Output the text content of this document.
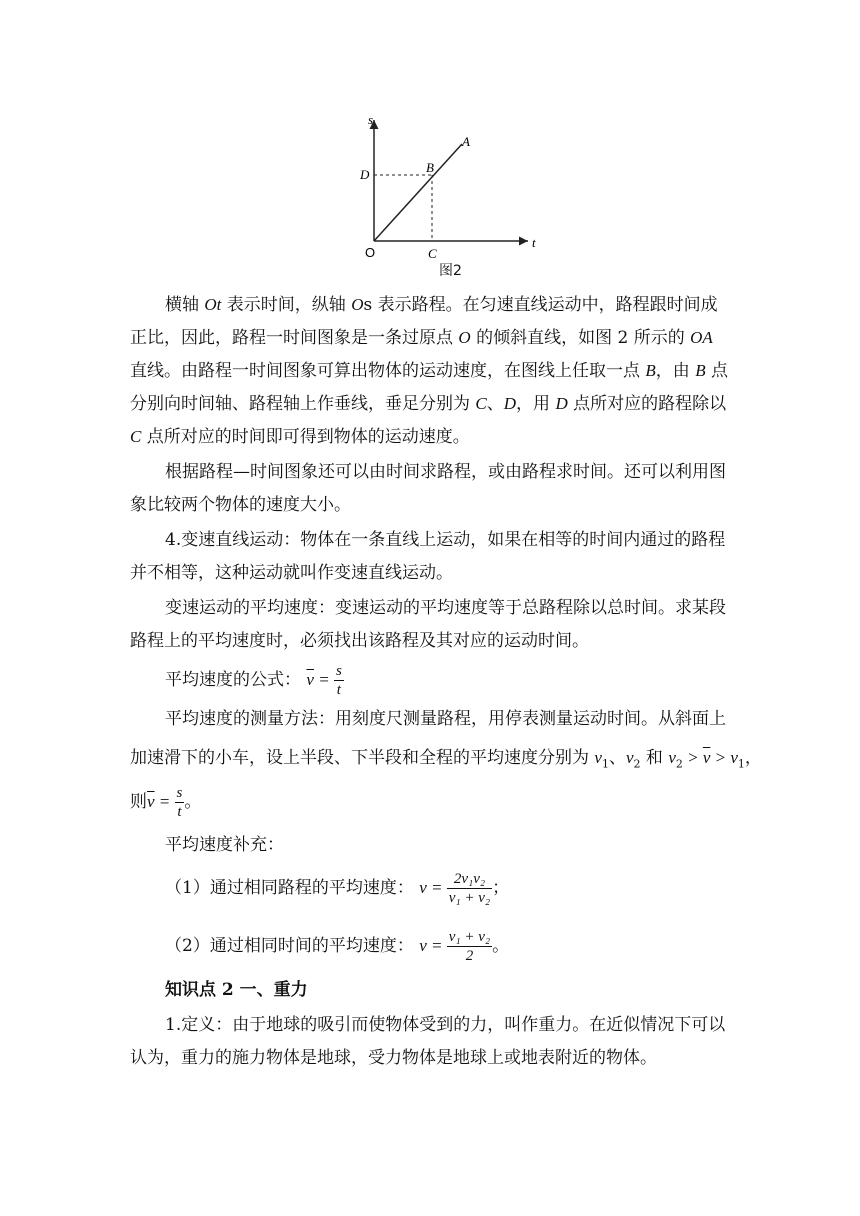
s
t
O
A
B
C
D
图2
横轴 Ot 表示时间，纵轴 Os 表示路程。在匀速直线运动中，路程跟时间成
正比，因此，路程一时间图象是一条过原点 O 的倾斜直线，如图 2 所示的 OA
直线。由路程一时间图象可算出物体的运动速度，在图线上任取一点 B，由 B 点
分别向时间轴、路程轴上作垂线，垂足分别为 C、D，用 D 点所对应的路程除以
C 点所对应的时间即可得到物体的运动速度。
根据路程—时间图象还可以由时间求路程，或由路程求时间。还可以利用图
象比较两个物体的速度大小。
4.变速直线运动：物体在一条直线上运动，如果在相等的时间内通过的路程
并不相等，这种运动就叫作变速直线运动。
变速运动的平均速度：变速运动的平均速度等于总路程除以总时间。求某段
路程上的平均速度时，必须找出该路程及其对应的运动时间。
平均速度的公式： $\overline{v} = \frac{s}{t}$
平均速度的测量方法：用刻度尺测量路程，用停表测量运动时间。从斜面上
加速滑下的小车，设上半段、下半段和全程的平均速度分别为 $v_1$、$v_2$ 和 $v_2 > \overline{v} > v_1$，
则$\overline{v} = \frac{s}{t}$ 。
平均速度补充：
（1）通过相同路程的平均速度： $v = \frac{\text{2v₁v₂}}{\text{v₁ + v₂}}$ ；
（2）通过相同时间的平均速度： $v = \frac{\text{v₁ + v₂}}{2}$ 。
知识点 2 一、重力
1.定义：由于地球的吸引而使物体受到的力，叫作重力。在近似情况下可以
认为，重力的施力物体是地球，受力物体是地球上或地表附近的物体。
